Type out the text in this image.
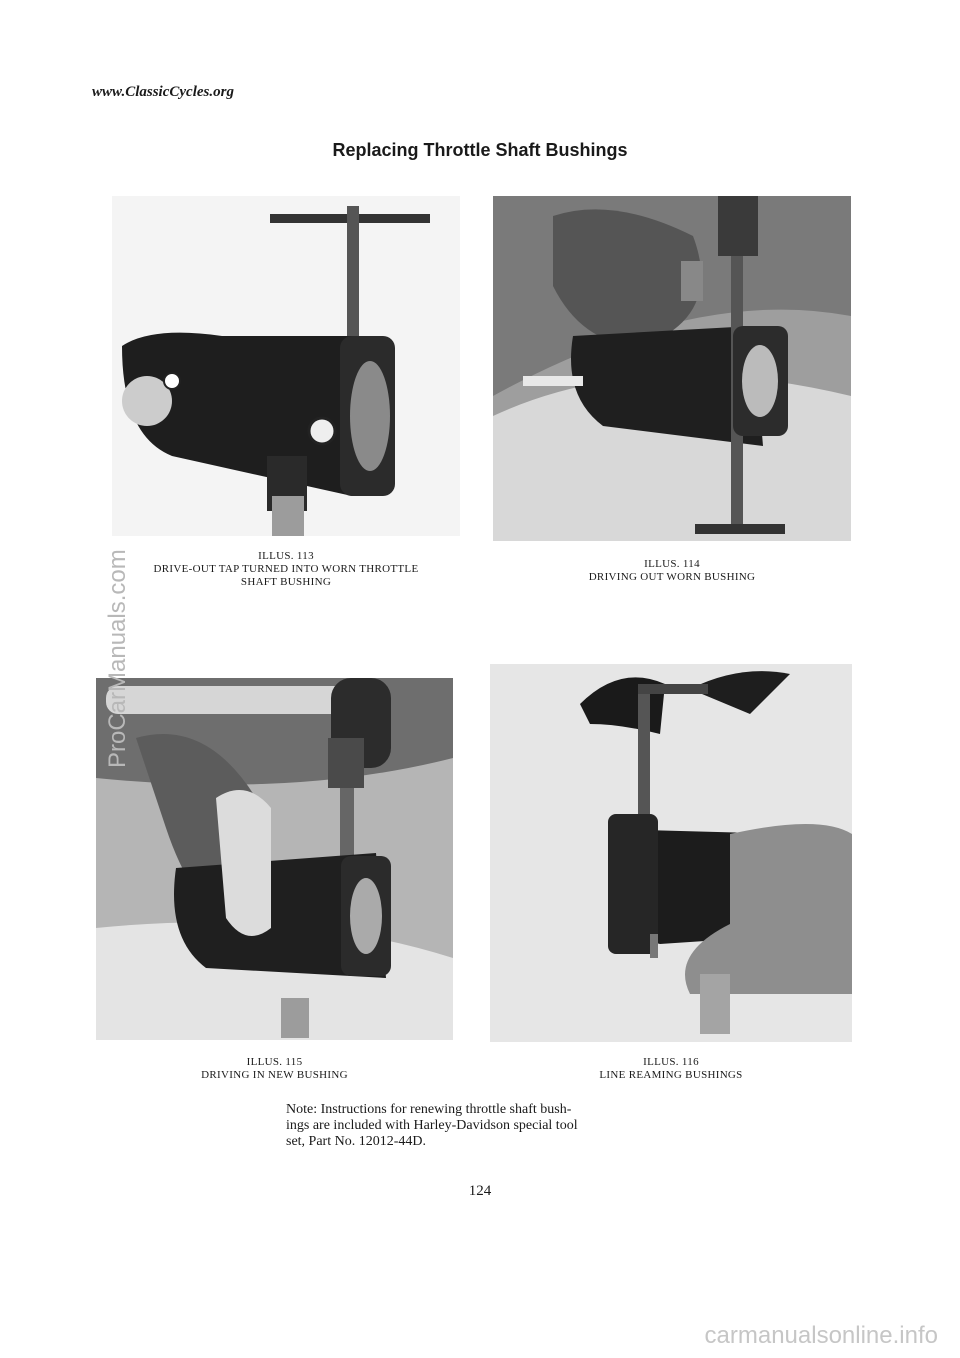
www.ClassicCycles.org
Replacing Throttle Shaft Bushings
ILLUS. 113
DRIVE-OUT TAP TURNED INTO WORN THROTTLE
SHAFT BUSHING
ILLUS. 114
DRIVING OUT WORN BUSHING
ILLUS. 115
DRIVING IN NEW BUSHING
ILLUS. 116
LINE REAMING BUSHINGS
Note: Instructions for renewing throttle shaft bush-
ings are included with Harley-Davidson special tool
set, Part No. 12012-44D.
124
ProCarManuals.com
carmanualsonline.info
